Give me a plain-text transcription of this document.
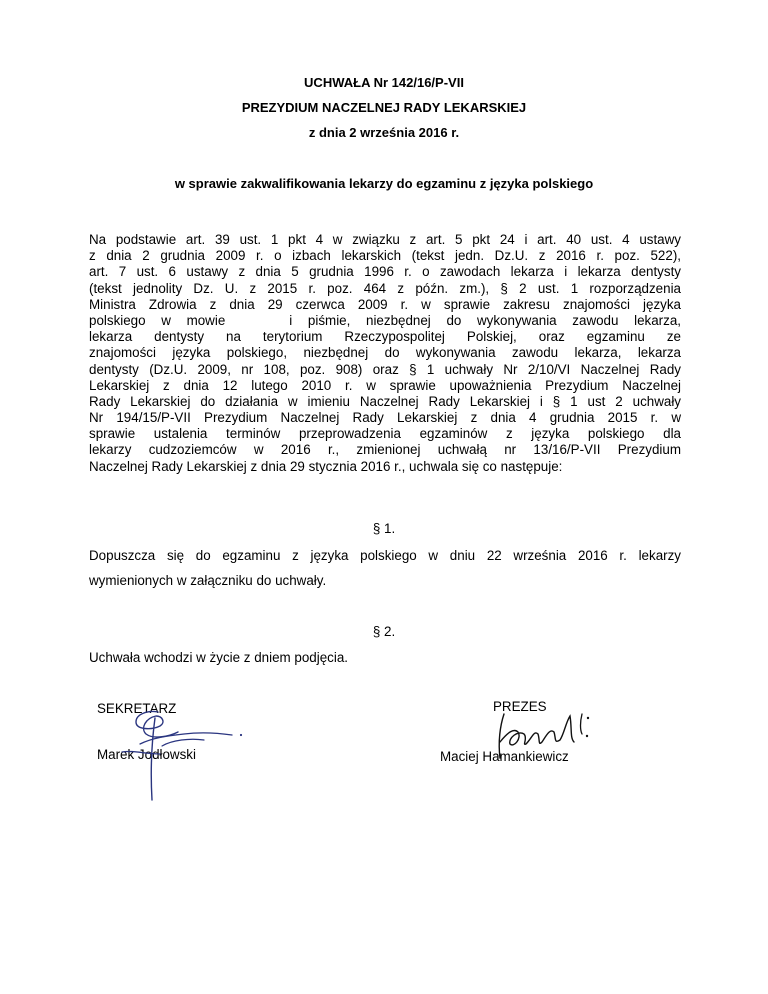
UCHWAŁA Nr 142/16/P-VII
PREZYDIUM NACZELNEJ RADY LEKARSKIEJ
z dnia 2 września 2016 r.
w sprawie zakwalifikowania lekarzy do egzaminu z języka polskiego
Na podstawie art. 39 ust. 1 pkt 4 w związku z art. 5 pkt 24 i art. 40 ust. 4 ustawy
z dnia 2 grudnia 2009 r. o izbach lekarskich (tekst jedn. Dz.U. z 2016 r. poz. 522),
art. 7 ust. 6 ustawy z dnia 5 grudnia 1996 r. o zawodach lekarza i lekarza dentysty
(tekst jednolity Dz. U. z 2015 r. poz. 464 z późn. zm.), § 2 ust. 1 rozporządzenia
Ministra Zdrowia z dnia 29 czerwca 2009 r. w sprawie zakresu znajomości języka
polskiego w mowie	i piśmie, niezbędnej do wykonywania zawodu lekarza,
lekarza dentysty na terytorium Rzeczypospolitej Polskiej, oraz egzaminu ze
znajomości języka polskiego, niezbędnej do wykonywania zawodu lekarza, lekarza
dentysty (Dz.U. 2009, nr 108, poz. 908) oraz § 1 uchwały Nr 2/10/VI Naczelnej Rady
Lekarskiej z dnia 12 lutego 2010 r. w sprawie upoważnienia Prezydium Naczelnej
Rady Lekarskiej do działania w imieniu Naczelnej Rady Lekarskiej i § 1 ust 2 uchwały
Nr 194/15/P-VII Prezydium Naczelnej Rady Lekarskiej z dnia 4 grudnia 2015 r. w
sprawie ustalenia terminów przeprowadzenia egzaminów z języka polskiego dla
lekarzy cudzoziemców w 2016 r., zmienionej uchwałą nr 13/16/P-VII Prezydium
Naczelnej Rady Lekarskiej z dnia 29 stycznia 2016 r., uchwala się co następuje:
§ 1.
Dopuszcza się do egzaminu z języka polskiego w dniu 22 września 2016 r. lekarzy
wymienionych w załączniku do uchwały.
§ 2.
Uchwała wchodzi w życie z dniem podjęcia.
SEKRETARZ
Marek Jodłowski
PREZES
Maciej Hamankiewicz
